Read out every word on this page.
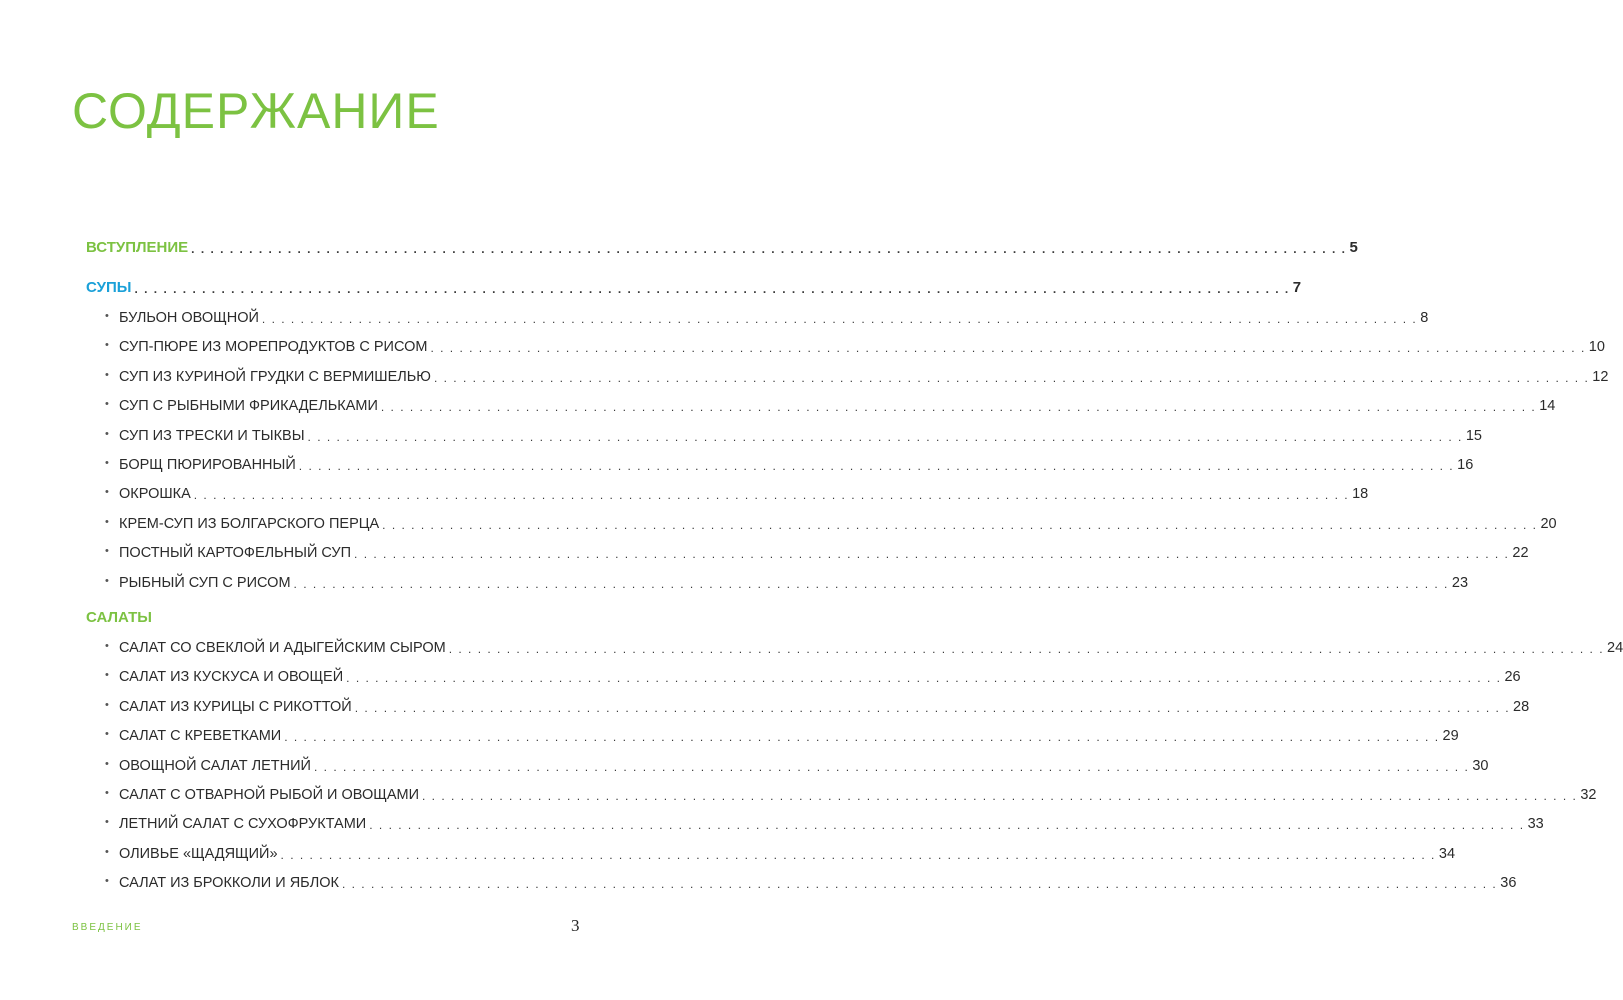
СОДЕРЖАНИЕ
ВСТУПЛЕНИЕ . . . . . . . . . . . . . . . . . . . . . . . . . . . . . . . . . . . . . . . . . . . . . . . . . . . . . . . . . . . . . . . . . . . . . . . . . . . . . . . . . . . . . . . . . . . . . . . . . . . . . . . . . . . . . . . . . . . . . . . . 5
СУПЫ . . . . . . . . . . . . . . . . . . . . . . . . . . . . . . . . . . . . . . . . . . . . . . . . . . . . . . . . . . . . . . . . . . . . . . . . . . . . . . . . . . . . . . . . . . . . . . . . . . . . . . . . . . . . . . . . . . . . . . . . 7
• БУЛЬОН ОВОЩНОЙ . . . . . . . . . . . . . . . . . . . . . . . . . . . . . . . . . . . . . . . . . . . . . . . . . . . . . . . . . . . . . . . . . . . . . . . . . . . . . . . . . . . . . . . . . . . . . . . . . . . . . . . . . . . . . . . . . . . . . . . . 8
• СУП-ПЮРЕ ИЗ МОРЕПРОДУКТОВ С РИСОМ . . . . . . . . . . . . . . . . . . . . . . . . . . . . . . . . . . . . . . . . . . . . . . . . . . . . . . . . . . . . . . . . . . . . . . . . . . . . . . . . . . . . . . . . . . . . . . . . . . . . . . . . . . . . . . . . . . . . . . . . 10
• СУП ИЗ КУРИНОЙ ГРУДКИ С ВЕРМИШЕЛЬЮ . . . . . . . . . . . . . . . . . . . . . . . . . . . . . . . . . . . . . . . . . . . . . . . . . . . . . . . . . . . . . . . . . . . . . . . . . . . . . . . . . . . . . . . . . . . . . . . . . . . . . . . . . . . . . . . . . . . . . . . . 12
• СУП С РЫБНЫМИ ФРИКАДЕЛЬКАМИ . . . . . . . . . . . . . . . . . . . . . . . . . . . . . . . . . . . . . . . . . . . . . . . . . . . . . . . . . . . . . . . . . . . . . . . . . . . . . . . . . . . . . . . . . . . . . . . . . . . . . . . . . . . . . . . . . . . . . . . . 14
• СУП ИЗ ТРЕСКИ И ТЫКВЫ . . . . . . . . . . . . . . . . . . . . . . . . . . . . . . . . . . . . . . . . . . . . . . . . . . . . . . . . . . . . . . . . . . . . . . . . . . . . . . . . . . . . . . . . . . . . . . . . . . . . . . . . . . . . . . . . . . . . . . . . 15
• БОРЩ ПЮРИРОВАННЫЙ . . . . . . . . . . . . . . . . . . . . . . . . . . . . . . . . . . . . . . . . . . . . . . . . . . . . . . . . . . . . . . . . . . . . . . . . . . . . . . . . . . . . . . . . . . . . . . . . . . . . . . . . . . . . . . . . . . . . . . . . 16
• ОКРОШКА . . . . . . . . . . . . . . . . . . . . . . . . . . . . . . . . . . . . . . . . . . . . . . . . . . . . . . . . . . . . . . . . . . . . . . . . . . . . . . . . . . . . . . . . . . . . . . . . . . . . . . . . . . . . . . . . . . . . . . . . 18
• КРЕМ-СУП ИЗ БОЛГАРСКОГО ПЕРЦА . . . . . . . . . . . . . . . . . . . . . . . . . . . . . . . . . . . . . . . . . . . . . . . . . . . . . . . . . . . . . . . . . . . . . . . . . . . . . . . . . . . . . . . . . . . . . . . . . . . . . . . . . . . . . . . . . . . . . . . . 20
• ПОСТНЫЙ КАРТОФЕЛЬНЫЙ СУП . . . . . . . . . . . . . . . . . . . . . . . . . . . . . . . . . . . . . . . . . . . . . . . . . . . . . . . . . . . . . . . . . . . . . . . . . . . . . . . . . . . . . . . . . . . . . . . . . . . . . . . . . . . . . . . . . . . . . . . . 22
• РЫБНЫЙ СУП С РИСОМ . . . . . . . . . . . . . . . . . . . . . . . . . . . . . . . . . . . . . . . . . . . . . . . . . . . . . . . . . . . . . . . . . . . . . . . . . . . . . . . . . . . . . . . . . . . . . . . . . . . . . . . . . . . . . . . . . . . . . . . . 23
САЛАТЫ
• САЛАТ СО СВЕКЛОЙ И АДЫГЕЙСКИМ СЫРОМ . . . . . . . . . . . . . . . . . . . . . . . . . . . . . . . . . . . . . . . . . . . . . . . . . . . . . . . . . . . . . . . . . . . . . . . . . . . . . . . . . . . . . . . . . . . . . . . . . . . . . . . . . . . . . . . . . . . . . . . . 24
• САЛАТ ИЗ КУСКУСА И ОВОЩЕЙ . . . . . . . . . . . . . . . . . . . . . . . . . . . . . . . . . . . . . . . . . . . . . . . . . . . . . . . . . . . . . . . . . . . . . . . . . . . . . . . . . . . . . . . . . . . . . . . . . . . . . . . . . . . . . . . . . . . . . . . . 26
• САЛАТ ИЗ КУРИЦЫ С РИКОТТОЙ . . . . . . . . . . . . . . . . . . . . . . . . . . . . . . . . . . . . . . . . . . . . . . . . . . . . . . . . . . . . . . . . . . . . . . . . . . . . . . . . . . . . . . . . . . . . . . . . . . . . . . . . . . . . . . . . . . . . . . . . 28
• САЛАТ С КРЕВЕТКАМИ . . . . . . . . . . . . . . . . . . . . . . . . . . . . . . . . . . . . . . . . . . . . . . . . . . . . . . . . . . . . . . . . . . . . . . . . . . . . . . . . . . . . . . . . . . . . . . . . . . . . . . . . . . . . . . . . . . . . . . . . 29
• ОВОЩНОЙ САЛАТ ЛЕТНИЙ . . . . . . . . . . . . . . . . . . . . . . . . . . . . . . . . . . . . . . . . . . . . . . . . . . . . . . . . . . . . . . . . . . . . . . . . . . . . . . . . . . . . . . . . . . . . . . . . . . . . . . . . . . . . . . . . . . . . . . . . 30
• САЛАТ С ОТВАРНОЙ РЫБОЙ И ОВОЩАМИ . . . . . . . . . . . . . . . . . . . . . . . . . . . . . . . . . . . . . . . . . . . . . . . . . . . . . . . . . . . . . . . . . . . . . . . . . . . . . . . . . . . . . . . . . . . . . . . . . . . . . . . . . . . . . . . . . . . . . . . . 32
• ЛЕТНИЙ САЛАТ С СУХОФРУКТАМИ . . . . . . . . . . . . . . . . . . . . . . . . . . . . . . . . . . . . . . . . . . . . . . . . . . . . . . . . . . . . . . . . . . . . . . . . . . . . . . . . . . . . . . . . . . . . . . . . . . . . . . . . . . . . . . . . . . . . . . . . 33
• ОЛИВЬЕ «ЩАДЯЩИЙ» . . . . . . . . . . . . . . . . . . . . . . . . . . . . . . . . . . . . . . . . . . . . . . . . . . . . . . . . . . . . . . . . . . . . . . . . . . . . . . . . . . . . . . . . . . . . . . . . . . . . . . . . . . . . . . . . . . . . . . . . 34
• САЛАТ ИЗ БРОККОЛИ И ЯБЛОК . . . . . . . . . . . . . . . . . . . . . . . . . . . . . . . . . . . . . . . . . . . . . . . . . . . . . . . . . . . . . . . . . . . . . . . . . . . . . . . . . . . . . . . . . . . . . . . . . . . . . . . . . . . . . . . . . . . . . . . . 36
ВВЕДЕНИЕ	3
